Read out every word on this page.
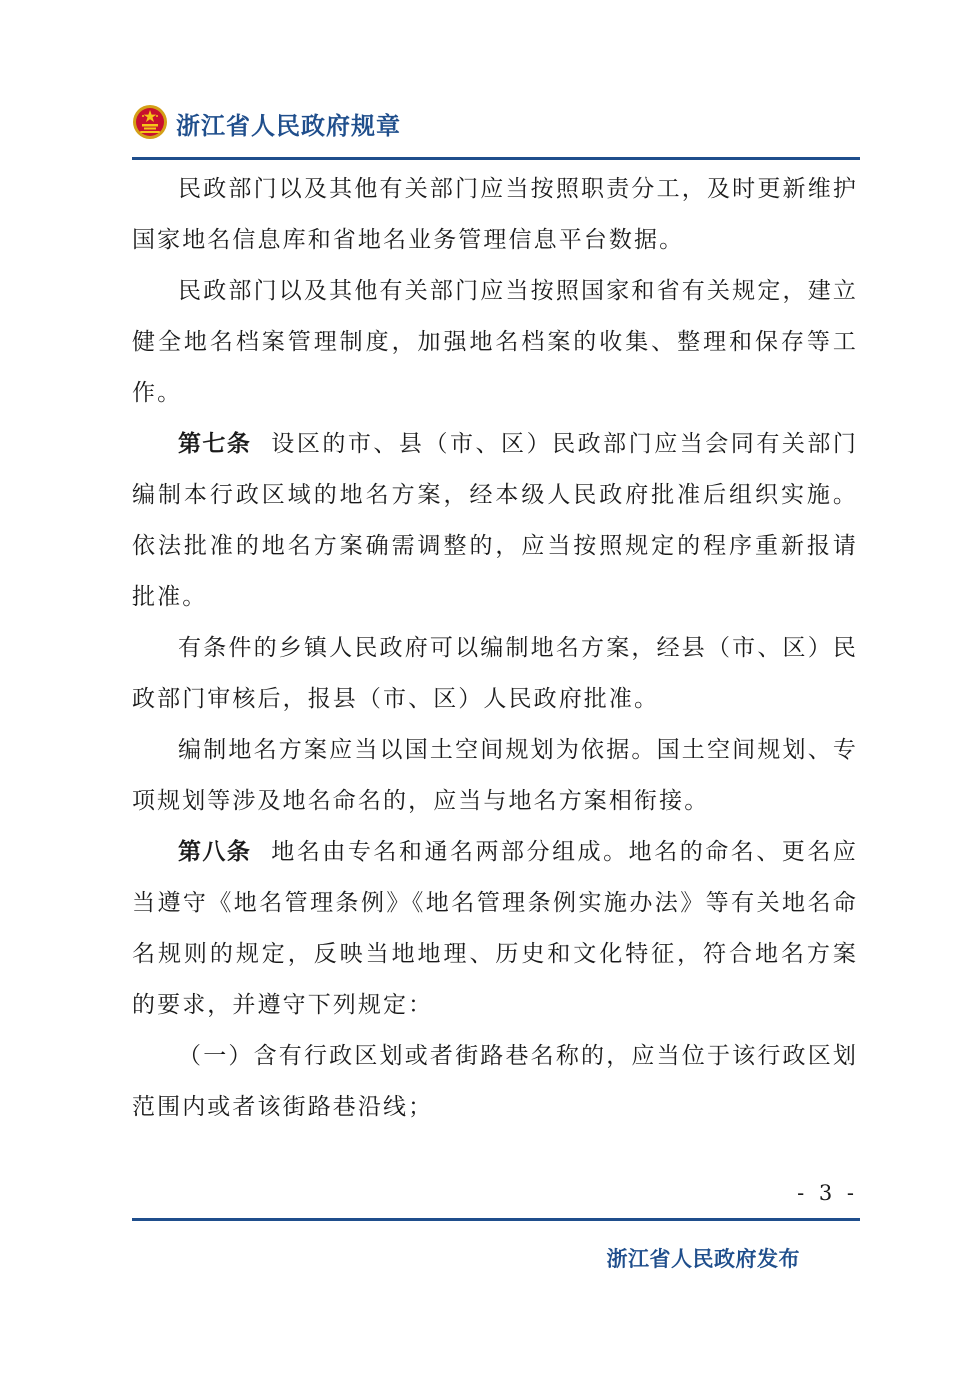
浙江省人民政府规章

民政部门以及其他有关部门应当按照职责分工，及时更新维护国家地名信息库和省地名业务管理信息平台数据。

民政部门以及其他有关部门应当按照国家和省有关规定，建立健全地名档案管理制度，加强地名档案的收集、整理和保存等工作。

第七条 设区的市、县（市、区）民政部门应当会同有关部门编制本行政区域的地名方案，经本级人民政府批准后组织实施。依法批准的地名方案确需调整的，应当按照规定的程序重新报请批准。

有条件的乡镇人民政府可以编制地名方案，经县（市、区）民政部门审核后，报县（市、区）人民政府批准。

编制地名方案应当以国土空间规划为依据。国土空间规划、专项规划等涉及地名命名的，应当与地名方案相衔接。

第八条 地名由专名和通名两部分组成。地名的命名、更名应当遵守《地名管理条例》《地名管理条例实施办法》等有关地名命名规则的规定，反映当地地理、历史和文化特征，符合地名方案的要求，并遵守下列规定：

（一）含有行政区划或者街路巷名称的，应当位于该行政区划范围内或者该街路巷沿线；

- 3 -
浙江省人民政府发布
